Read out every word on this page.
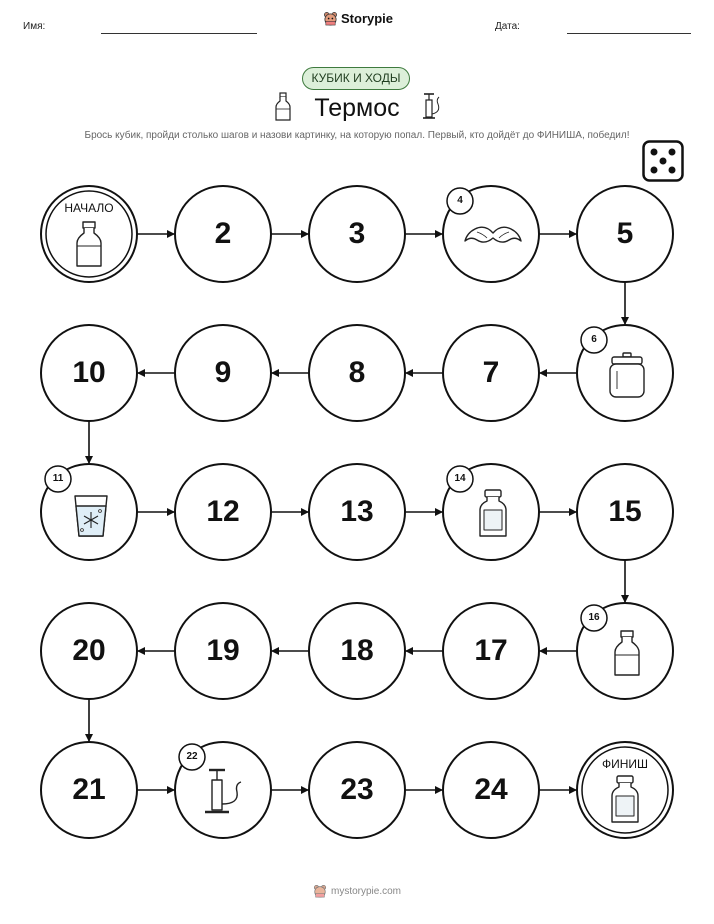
Имя:	Дата:
Storypie
КУБИК И ХОДЫ
Термос
Брось кубик, пройди столько шагов и назови картинку, на которую попал. Первый, кто дойдёт до ФИНИША, победил!
НАЧАЛО
2	3
4
5
6
7
8
9
10
11
12	13
14
15
16
17
18
19
20
21
22
23	24
ФИНИШ
mystorypie.com
